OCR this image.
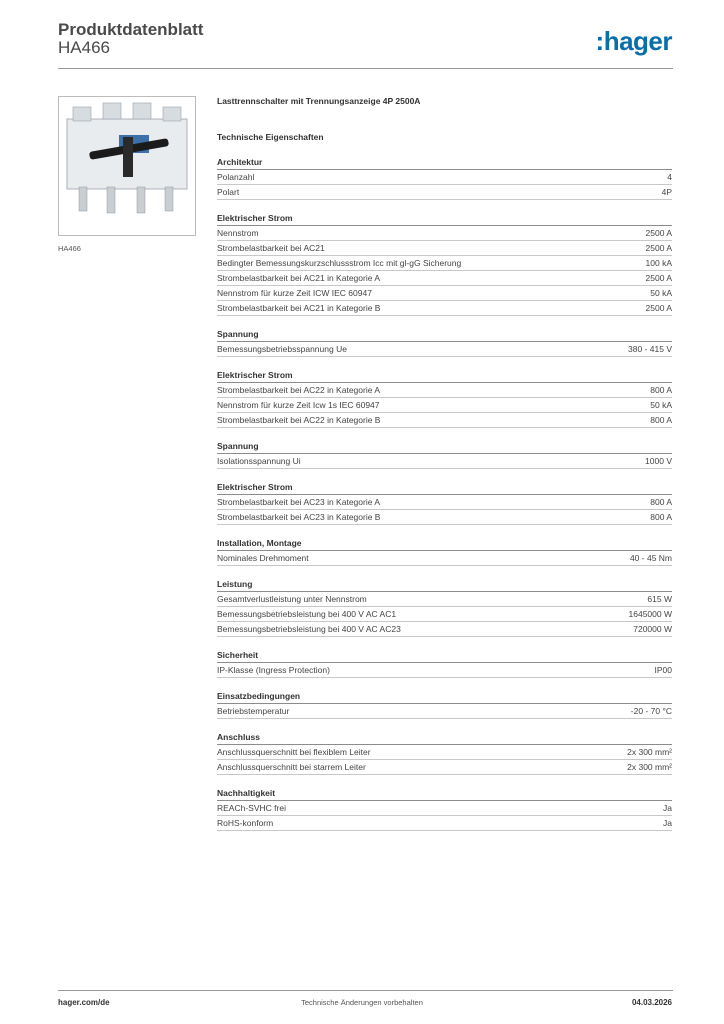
Produktdatenblatt
HA466	:hager
HA466
Lasttrennschalter mit Trennungsanzeige 4P 2500A
Technische Eigenschaften
Architektur
Polanzahl	4
Polart	4P
Elektrischer Strom
Nennstrom	2500 A
Strombelastbarkeit bei AC21	2500 A
Bedingter Bemessungskurzschlussstrom Icc mit gl-gG Sicherung	100 kA
Strombelastbarkeit bei AC21 in Kategorie A	2500 A
Nennstrom für kurze Zeit ICW IEC 60947	50 kA
Strombelastbarkeit bei AC21 in Kategorie B	2500 A
Spannung
Bemessungsbetriebsspannung Ue	380 - 415 V
Elektrischer Strom
Strombelastbarkeit bei AC22 in Kategorie A	800 A
Nennstrom für kurze Zeit Icw 1s IEC 60947	50 kA
Strombelastbarkeit bei AC22 in Kategorie B	800 A
Spannung
Isolationsspannung Ui	1000 V
Elektrischer Strom
Strombelastbarkeit bei AC23 in Kategorie A	800 A
Strombelastbarkeit bei AC23 in Kategorie B	800 A
Installation, Montage
Nominales Drehmoment	40 - 45 Nm
Leistung
Gesamtverlustleistung unter Nennstrom	615 W
Bemessungsbetriebsleistung bei 400 V AC AC1	1645000 W
Bemessungsbetriebsleistung bei 400 V AC AC23	720000 W
Sicherheit
IP-Klasse (Ingress Protection)	IP00
Einsatzbedingungen
Betriebstemperatur	-20 - 70 °C
Anschluss
Anschlussquerschnitt bei flexiblem Leiter	2x 300 mm²
Anschlussquerschnitt bei starrem Leiter	2x 300 mm²
Nachhaltigkeit
REACh-SVHC frei	Ja
RoHS-konform	Ja
hager.com/de	Technische Änderungen vorbehalten	04.03.2026
